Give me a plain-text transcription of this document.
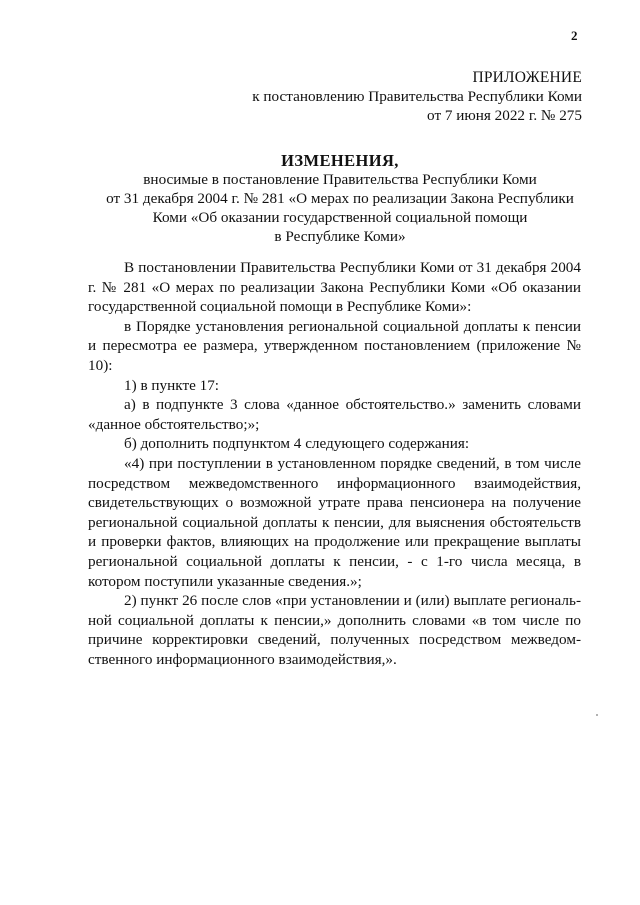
2
ПРИЛОЖЕНИЕ
к постановлению Правительства Республики Коми
от 7 июня 2022 г. № 275
ИЗМЕНЕНИЯ,
вносимые в постановление Правительства Республики Коми
от 31 декабря 2004 г. № 281 «О мерах по реализации Закона Республики
Коми «Об оказании государственной социальной помощи
в Республике Коми»

В постановлении Правительства Республики Коми от 31 декабря 2004 г. № 281 «О мерах по реализации Закона Республики Коми «Об оказании государственной социальной помощи в Республике Коми»:

в Порядке установления региональной социальной доплаты к пенсии и пересмотра ее размера, утвержденном постановлением (приложение № 10):

1) в пункте 17:

а) в подпункте 3 слова «данное обстоятельство.» заменить словами «данное обстоятельство;»;

б) дополнить подпунктом 4 следующего содержания:

«4) при поступлении в установленном порядке сведений, в том числе посредством межведомственного информационного взаимодействия, свидетельствующих о возможной утрате права пенсионера на получение региональной социальной доплаты к пенсии, для выяснения обстоятельств и проверки фактов, влияющих на продолжение или прекращение выплаты региональной социальной доплаты к пенсии, - с 1-го числа месяца, в котором поступили указанные сведения.»;

2) пункт 26 после слов «при установлении и (или) выплате региональной социальной доплаты к пенсии,» дополнить словами «в том числе по причине корректировки сведений, полученных посредством межведомственного информационного взаимодействия,».
